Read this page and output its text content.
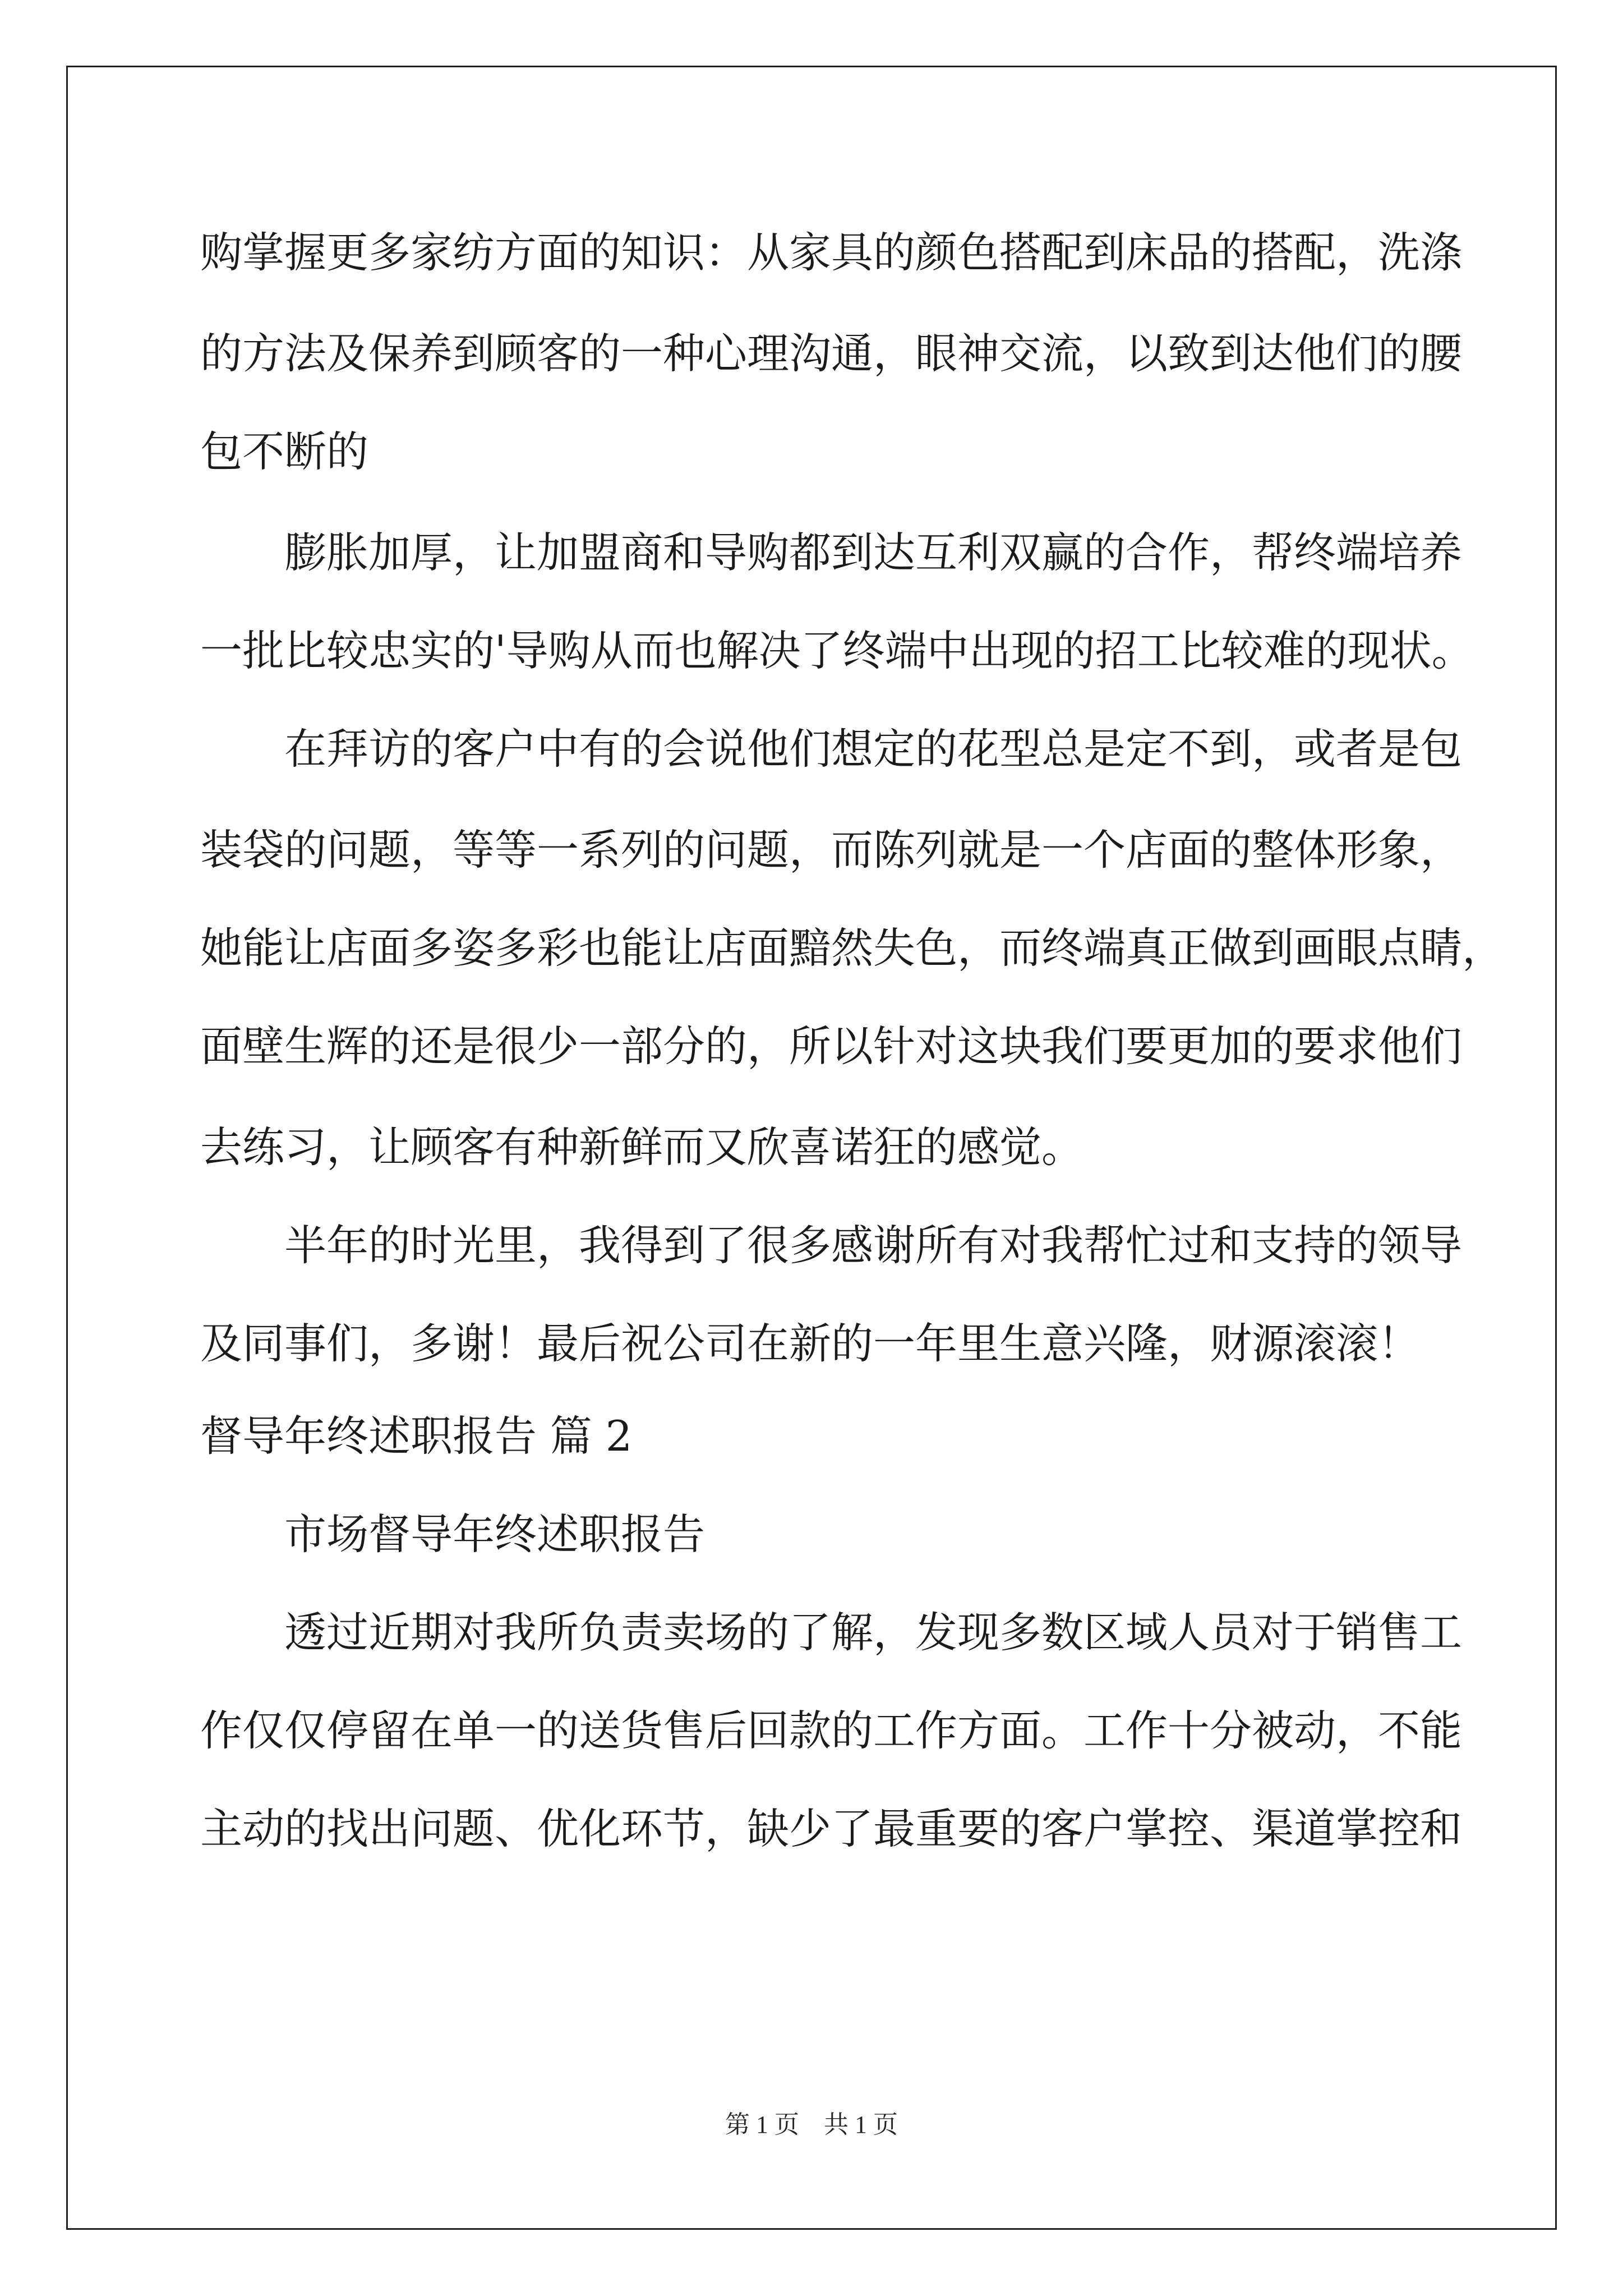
购掌握更多家纺方面的知识：从家具的颜色搭配到床品的搭配，洗涤
的方法及保养到顾客的一种心理沟通，眼神交流，以致到达他们的腰
包不断的
膨胀加厚，让加盟商和导购都到达互利双赢的合作，帮终端培养
一批比较忠实的'导购从而也解决了终端中出现的招工比较难的现状。
在拜访的客户中有的会说他们想定的花型总是定不到，或者是包
装袋的问题，等等一系列的问题，而陈列就是一个店面的整体形象，
她能让店面多姿多彩也能让店面黯然失色，而终端真正做到画眼点睛，
面壁生辉的还是很少一部分的，所以针对这块我们要更加的要求他们
去练习，让顾客有种新鲜而又欣喜诺狂的感觉。
半年的时光里，我得到了很多感谢所有对我帮忙过和支持的领导
及同事们，多谢！最后祝公司在新的一年里生意兴隆，财源滚滚！
督导年终述职报告 篇 2
市场督导年终述职报告
透过近期对我所负责卖场的了解，发现多数区域人员对于销售工
作仅仅停留在单一的送货售后回款的工作方面。工作十分被动，不能
主动的找出问题、优化环节，缺少了最重要的客户掌控、渠道掌控和
第 1 页　共 1 页
